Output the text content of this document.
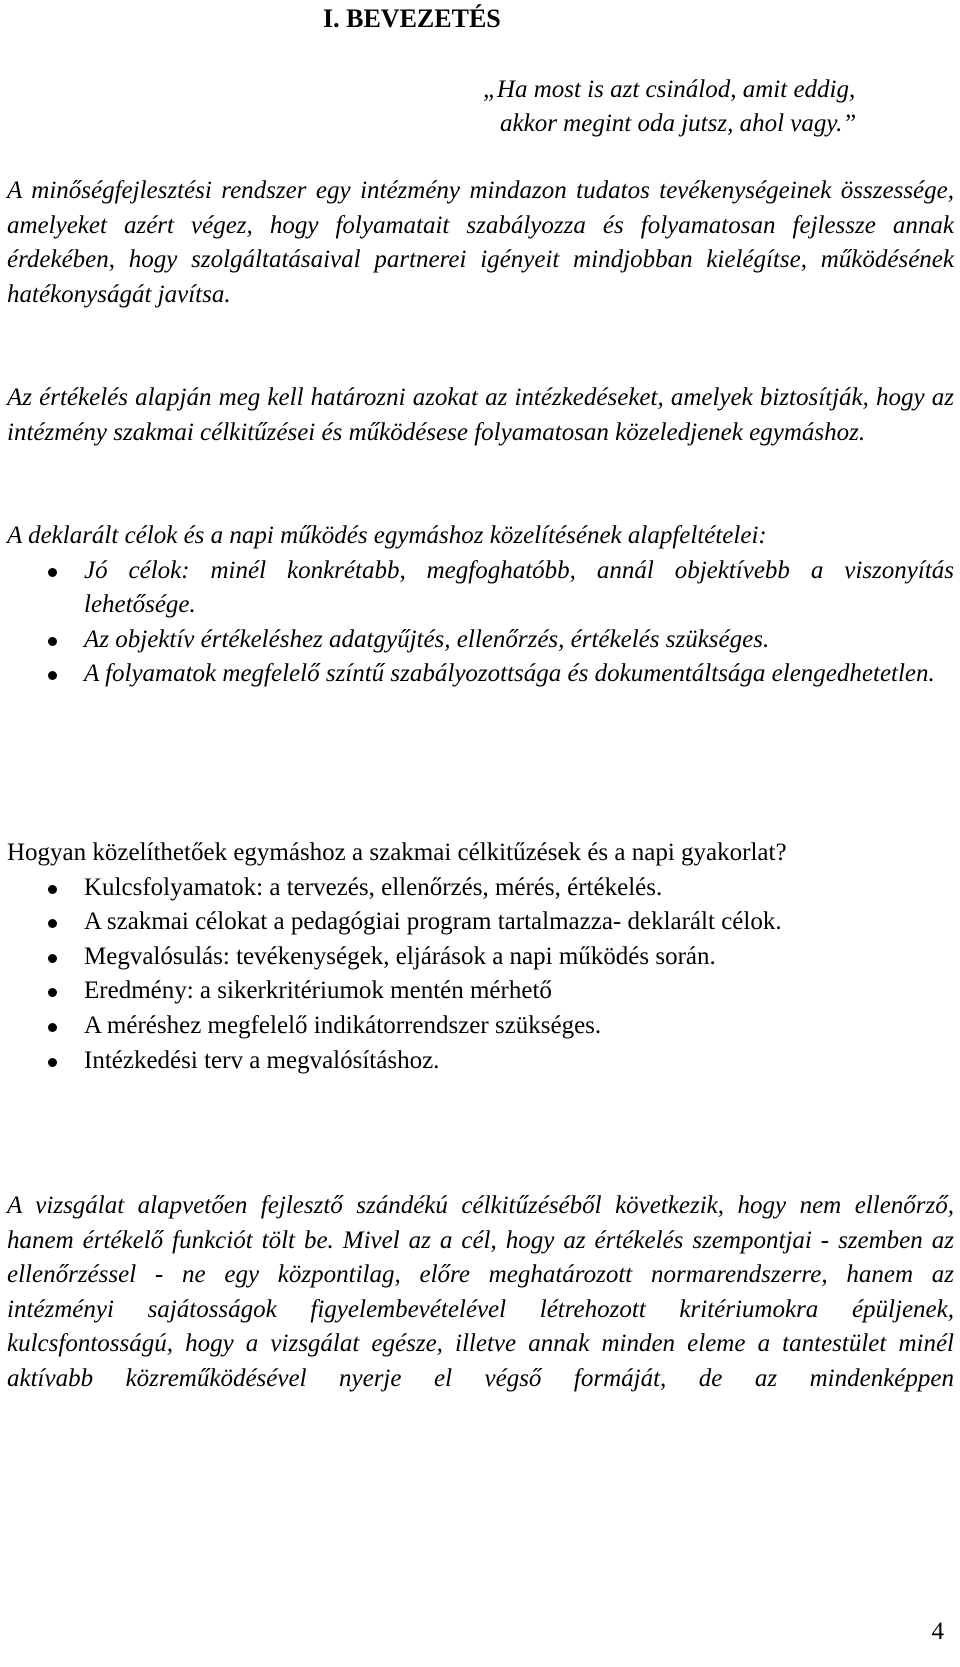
I. BEVEZETÉS
„Ha most is azt csinálod, amit eddig,
akkor megint oda jutsz, ahol vagy.”
A minőségfejlesztési rendszer egy intézmény mindazon tudatos tevékenységeinek összessége, amelyeket azért végez, hogy folyamatait szabályozza és folyamatosan fejlessze annak érdekében, hogy szolgáltatásaival partnerei igényeit mindjobban kielégítse, működésének hatékonyságát javítsa.
Az értékelés alapján meg kell határozni azokat az intézkedéseket, amelyek biztosítják, hogy az intézmény szakmai célkitűzései és működésese folyamatosan közeledjenek egymáshoz.
A deklarált célok és a napi működés egymáshoz közelítésének alapfeltételei:
Jó célok: minél konkrétabb, megfoghatóbb, annál objektívebb a viszonyítás lehetősége.
Az objektív értékeléshez adatgyűjtés, ellenőrzés, értékelés szükséges.
A folyamatok megfelelő színtű szabályozottsága és dokumentáltsága elengedhetetlen.
Hogyan közelíthetőek egymáshoz a szakmai célkitűzések és a napi gyakorlat?
Kulcsfolyamatok: a tervezés, ellenőrzés, mérés, értékelés.
A szakmai célokat a pedagógiai program tartalmazza- deklarált célok.
Megvalósulás: tevékenységek, eljárások a napi működés során.
Eredmény: a sikerkritériumok mentén mérhető
A méréshez megfelelő indikátorrendszer szükséges.
Intézkedési terv a megvalósításhoz.
A vizsgálat alapvetően fejlesztő szándékú célkitűzéséből következik, hogy nem ellenőrző, hanem értékelő funkciót tölt be. Mivel az a cél, hogy az értékelés szempontjai - szemben az ellenőrzéssel - ne egy központilag, előre meghatározott normarendszerre, hanem az intézményi sajátosságok figyelembevételével létrehozott kritériumokra épüljenek, kulcsfontosságú, hogy a vizsgálat egésze, illetve annak minden eleme a tantestület minél aktívabb közreműködésével nyerje el végső formáját, de az mindenképpen
4
